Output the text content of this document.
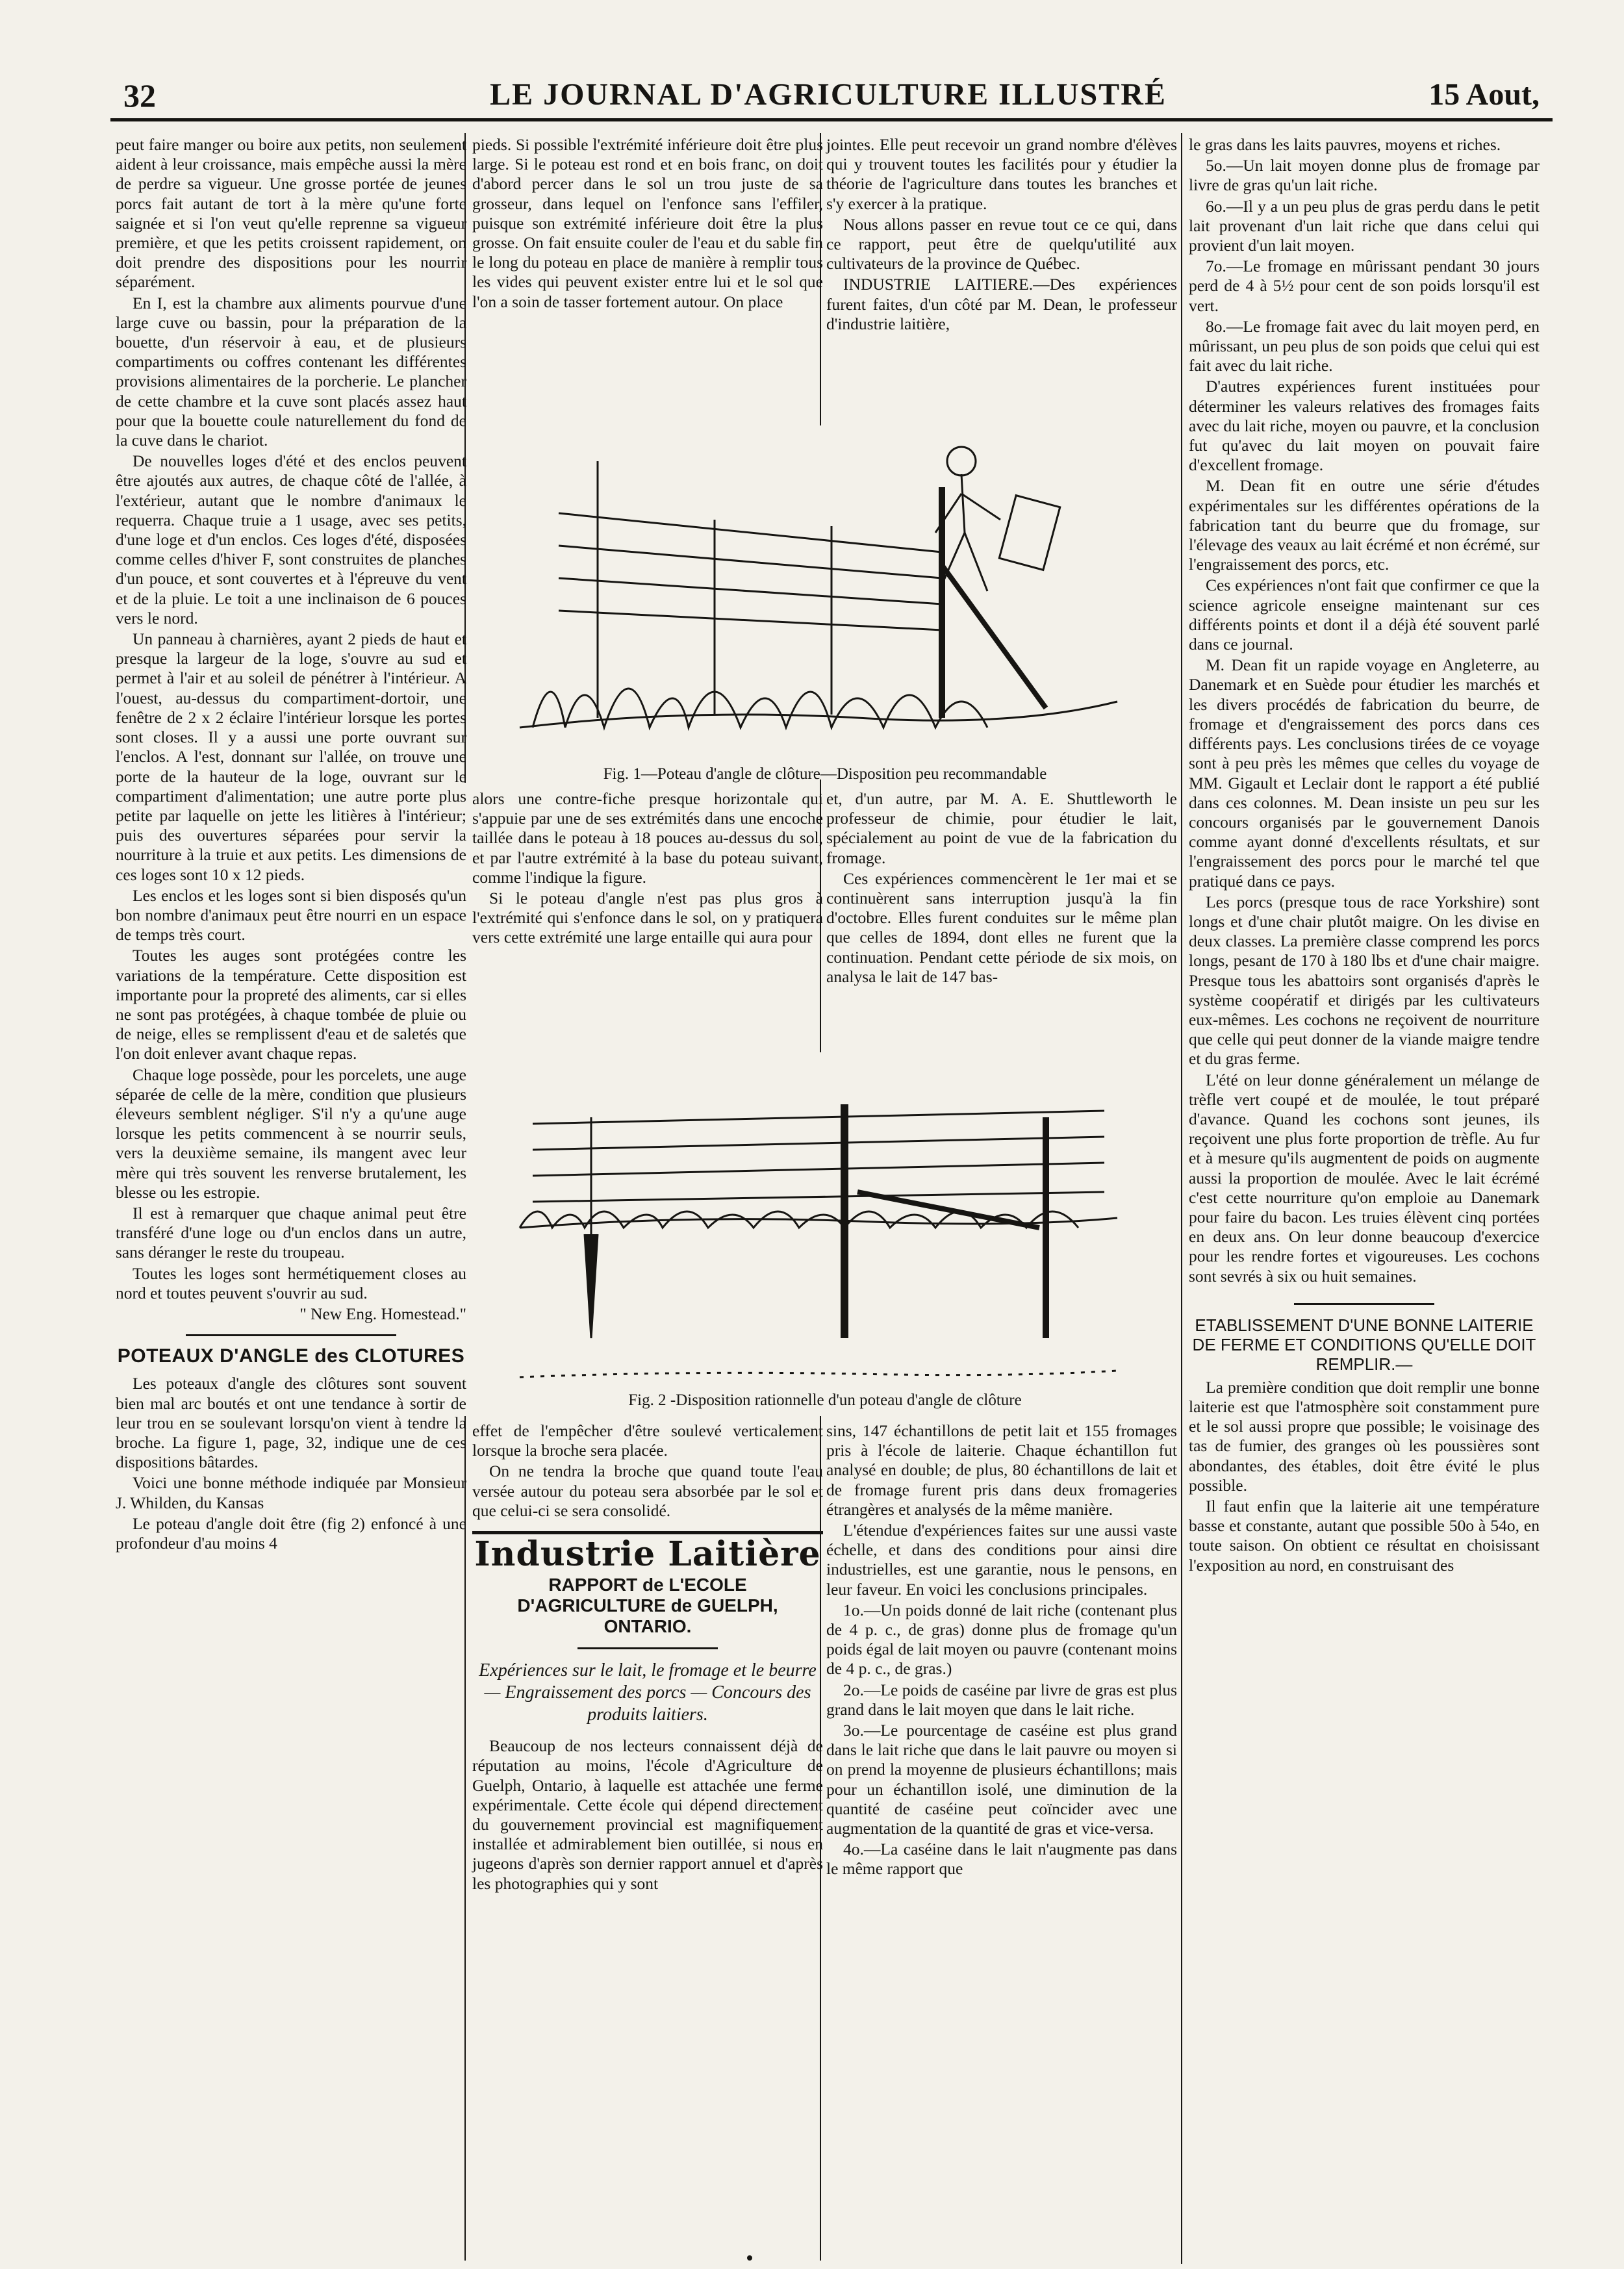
32	LE JOURNAL D'AGRICULTURE ILLUSTRÉ	15 Aout,

peut faire manger ou boire aux petits, non seulement aident à leur croissance, mais empêche aussi la mère de perdre sa vigueur. Une grosse portée de jeunes porcs fait autant de tort à la mère qu'une forte saignée et si l'on veut qu'elle reprenne sa vigueur première, et que les petits croissent rapidement, on doit prendre des dispositions pour les nourrir séparément.

En I, est la chambre aux aliments pourvue d'une large cuve ou bassin, pour la préparation de la bouette, d'un réservoir à eau, et de plusieurs compartiments ou coffres contenant les différentes provisions alimentaires de la porcherie. Le plancher de cette chambre et la cuve sont placés assez haut pour que la bouette coule naturellement du fond de la cuve dans le chariot.

De nouvelles loges d'été et des enclos peuvent être ajoutés aux autres, de chaque côté de l'allée, à l'extérieur, autant que le nombre d'animaux le requerra. Chaque truie a 1 usage, avec ses petits, d'une loge et d'un enclos. Ces loges d'été, disposées comme celles d'hiver F, sont construites de planches d'un pouce, et sont couvertes et à l'épreuve du vent et de la pluie. Le toit a une inclinaison de 6 pouces vers le nord.

Un panneau à charnières, ayant 2 pieds de haut et presque la largeur de la loge, s'ouvre au sud et permet à l'air et au soleil de pénétrer à l'intérieur. A l'ouest, au-dessus du compartiment-dortoir, une fenêtre de 2 x 2 éclaire l'intérieur lorsque les portes sont closes. Il y a aussi une porte ouvrant sur l'enclos. A l'est, donnant sur l'allée, on trouve une porte de la hauteur de la loge, ouvrant sur le compartiment d'alimentation; une autre porte plus petite par laquelle on jette les litières à l'intérieur; puis des ouvertures séparées pour servir la nourriture à la truie et aux petits. Les dimensions de ces loges sont 10 x 12 pieds.

Les enclos et les loges sont si bien disposés qu'un bon nombre d'animaux peut être nourri en un espace de temps très court.

Toutes les auges sont protégées contre les variations de la température. Cette disposition est importante pour la propreté des aliments, car si elles ne sont pas protégées, à chaque tombée de pluie ou de neige, elles se remplissent d'eau et de saletés que l'on doit enlever avant chaque repas.

Chaque loge possède, pour les porcelets, une auge séparée de celle de la mère, condition que plusieurs éleveurs semblent négliger. S'il n'y a qu'une auge lorsque les petits commencent à se nourrir seuls, vers la deuxième semaine, ils mangent avec leur mère qui très souvent les renverse brutalement, les blesse ou les estropie.

Il est à remarquer que chaque animal peut être transféré d'une loge ou d'un enclos dans un autre, sans déranger le reste du troupeau.

Toutes les loges sont hermétiquement closes au nord et toutes peuvent s'ouvrir au sud.

" New Eng. Homestead."

POTEAUX D'ANGLE des CLOTURES

Les poteaux d'angle des clôtures sont souvent bien mal arc boutés et ont une tendance à sortir de leur trou en se soulevant lorsqu'on vient à tendre la broche. La figure 1, page, 32, indique une de ces dispositions bâtardes.

Voici une bonne méthode indiquée par Monsieur J. Whilden, du Kansas

Le poteau d'angle doit être (fig 2) enfoncé à une profondeur d'au moins 4

pieds. Si possible l'extrémité inférieure doit être plus large. Si le poteau est rond et en bois franc, on doit d'abord percer dans le sol un trou juste de sa grosseur, dans lequel on l'enfonce sans l'effiler, puisque son extrémité inférieure doit être la plus grosse. On fait ensuite couler de l'eau et du sable fin le long du poteau en place de manière à remplir tous les vides qui peuvent exister entre lui et le sol que l'on a soin de tasser fortement autour. On place

Fig. 1—Poteau d'angle de clôture—Disposition peu recommandable

alors une contre-fiche presque horizontale qui s'appuie par une de ses extrémités dans une encoche taillée dans le poteau à 18 pouces au-dessus du sol, et par l'autre extrémité à la base du poteau suivant, comme l'indique la figure.

Si le poteau d'angle n'est pas plus gros à l'extrémité qui s'enfonce dans le sol, on y pratiquera vers cette extrémité une large entaille qui aura pour

jointes. Elle peut recevoir un grand nombre d'élèves qui y trouvent toutes les facilités pour y étudier la théorie de l'agriculture dans toutes les branches et s'y exercer à la pratique.

Nous allons passer en revue tout ce ce qui, dans ce rapport, peut être de quelqu'utilité aux cultivateurs de la province de Québec.

INDUSTRIE LAITIERE.—Des expériences furent faites, d'un côté par M. Dean, le professeur d'industrie laitière,

et, d'un autre, par M. A. E. Shuttleworth le professeur de chimie, pour étudier le lait, spécialement au point de vue de la fabrication du fromage.

Ces expériences commencèrent le 1er mai et se continuèrent sans interruption jusqu'à la fin d'octobre. Elles furent conduites sur le même plan que celles de 1894, dont elles ne furent que la continuation. Pendant cette période de six mois, on analysa le lait de 147 bas-

Fig. 2 -Disposition rationnelle d'un poteau d'angle de clôture

effet de l'empêcher d'être soulevé verticalement lorsque la broche sera placée.

On ne tendra la broche que quand toute l'eau versée autour du poteau sera absorbée par le sol et que celui-ci se sera consolidé.

Industrie Laitière
RAPPORT de L'ECOLE D'AGRICULTURE de GUELPH, ONTARIO.
Expériences sur le lait, le fromage et le beurre — Engraissement des porcs — Concours des produits laitiers.

Beaucoup de nos lecteurs connaissent déjà de réputation au moins, l'école d'Agriculture de Guelph, Ontario, à laquelle est attachée une ferme expérimentale. Cette école qui dépend directement du gouvernement provincial est magnifiquement installée et admirablement bien outillée, si nous en jugeons d'après son dernier rapport annuel et d'après les photographies qui y sont

sins, 147 échantillons de petit lait et 155 fromages pris à l'école de laiterie. Chaque échantillon fut analysé en double; de plus, 80 échantillons de lait et de fromage furent pris dans deux fromageries étrangères et analysés de la même manière.

L'étendue d'expériences faites sur une aussi vaste échelle, et dans des conditions pour ainsi dire industrielles, est une garantie, nous le pensons, en leur faveur. En voici les conclusions principales.

1o.—Un poids donné de lait riche (contenant plus de 4 p. c., de gras) donne plus de fromage qu'un poids égal de lait moyen ou pauvre (contenant moins de 4 p. c., de gras.)

2o.—Le poids de caséine par livre de gras est plus grand dans le lait moyen que dans le lait riche.

3o.—Le pourcentage de caséine est plus grand dans le lait riche que dans le lait pauvre ou moyen si on prend la moyenne de plusieurs échantillons; mais pour un échantillon isolé, une diminution de la quantité de caséine peut coïncider avec une augmentation de la quantité de gras et vice-versa.

4o.—La caséine dans le lait n'augmente pas dans le même rapport que

le gras dans les laits pauvres, moyens et riches.

5o.—Un lait moyen donne plus de fromage par livre de gras qu'un lait riche.

6o.—Il y a un peu plus de gras perdu dans le petit lait provenant d'un lait riche que dans celui qui provient d'un lait moyen.

7o.—Le fromage en mûrissant pendant 30 jours perd de 4 à 5½ pour cent de son poids lorsqu'il est vert.

8o.—Le fromage fait avec du lait moyen perd, en mûrissant, un peu plus de son poids que celui qui est fait avec du lait riche.

D'autres expériences furent instituées pour déterminer les valeurs relatives des fromages faits avec du lait riche, moyen ou pauvre, et la conclusion fut qu'avec du lait moyen on pouvait faire d'excellent fromage.

M. Dean fit en outre une série d'études expérimentales sur les différentes opérations de la fabrication tant du beurre que du fromage, sur l'élevage des veaux au lait écrémé et non écrémé, sur l'engraissement des porcs, etc.

Ces expériences n'ont fait que confirmer ce que la science agricole enseigne maintenant sur ces différents points et dont il a déjà été souvent parlé dans ce journal.

M. Dean fit un rapide voyage en Angleterre, au Danemark et en Suède pour étudier les marchés et les divers procédés de fabrication du beurre, de fromage et d'engraissement des porcs dans ces différents pays. Les conclusions tirées de ce voyage sont à peu près les mêmes que celles du voyage de MM. Gigault et Leclair dont le rapport a été publié dans ces colonnes. M. Dean insiste un peu sur les concours organisés par le gouvernement Danois comme ayant donné d'excellents résultats, et sur l'engraissement des porcs pour le marché tel que pratiqué dans ce pays.

Les porcs (presque tous de race Yorkshire) sont longs et d'une chair plutôt maigre. On les divise en deux classes. La première classe comprend les porcs longs, pesant de 170 à 180 lbs et d'une chair maigre. Presque tous les abattoirs sont organisés d'après le système coopératif et dirigés par les cultivateurs eux-mêmes. Les cochons ne reçoivent de nourriture que celle qui peut donner de la viande maigre tendre et du gras ferme.

L'été on leur donne généralement un mélange de trèfle vert coupé et de moulée, le tout préparé d'avance. Quand les cochons sont jeunes, ils reçoivent une plus forte proportion de trèfle. Au fur et à mesure qu'ils augmentent de poids on augmente aussi la proportion de moulée. Avec le lait écrémé c'est cette nourriture qu'on emploie au Danemark pour faire du bacon. Les truies élèvent cinq portées en deux ans. On leur donne beaucoup d'exercice pour les rendre fortes et vigoureuses. Les cochons sont sevrés à six ou huit semaines.

ETABLISSEMENT D'UNE BONNE LAITERIE DE FERME ET CONDITIONS QU'ELLE DOIT REMPLIR.—

La première condition que doit remplir une bonne laiterie est que l'atmosphère soit constamment pure et le sol aussi propre que possible; le voisinage des tas de fumier, des granges où les poussières sont abondantes, des étables, doit être évité le plus possible.

Il faut enfin que la laiterie ait une température basse et constante, autant que possible 50o à 54o, en toute saison. On obtient ce résultat en choisissant l'exposition au nord, en construisant des
